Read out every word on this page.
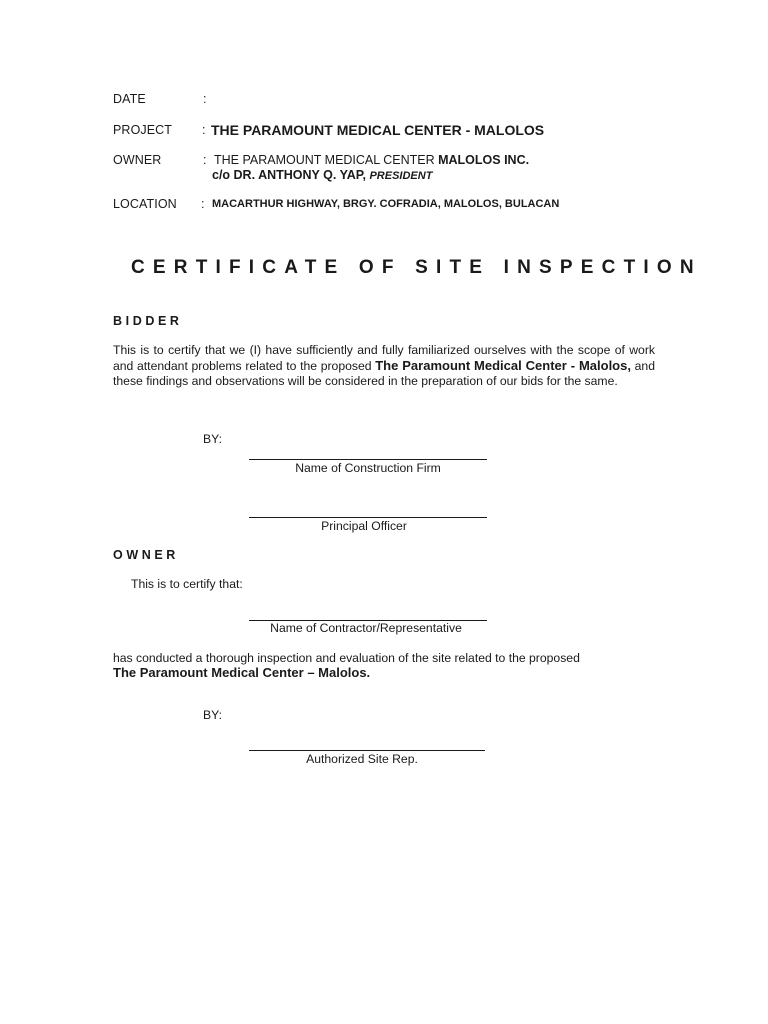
DATE	:
PROJECT : THE PARAMOUNT MEDICAL CENTER - MALOLOS
OWNER	: THE PARAMOUNT MEDICAL CENTER MALOLOS INC.
c/o DR. ANTHONY Q. YAP, PRESIDENT
LOCATION : MACARTHUR HIGHWAY, BRGY. COFRADIA, MALOLOS, BULACAN
CERTIFICATE OF SITE INSPECTION
BIDDER
This is to certify that we (I) have sufficiently and fully familiarized ourselves with the scope of work and attendant problems related to the proposed The Paramount Medical Center - Malolos, and these findings and observations will be considered in the preparation of our bids for the same.
BY:
Name of Construction Firm
Principal Officer
OWNER
This is to certify that:
Name of Contractor/Representative
has conducted a thorough inspection and evaluation of the site related to the proposed
The Paramount Medical Center – Malolos.
BY:
Authorized Site Rep.
